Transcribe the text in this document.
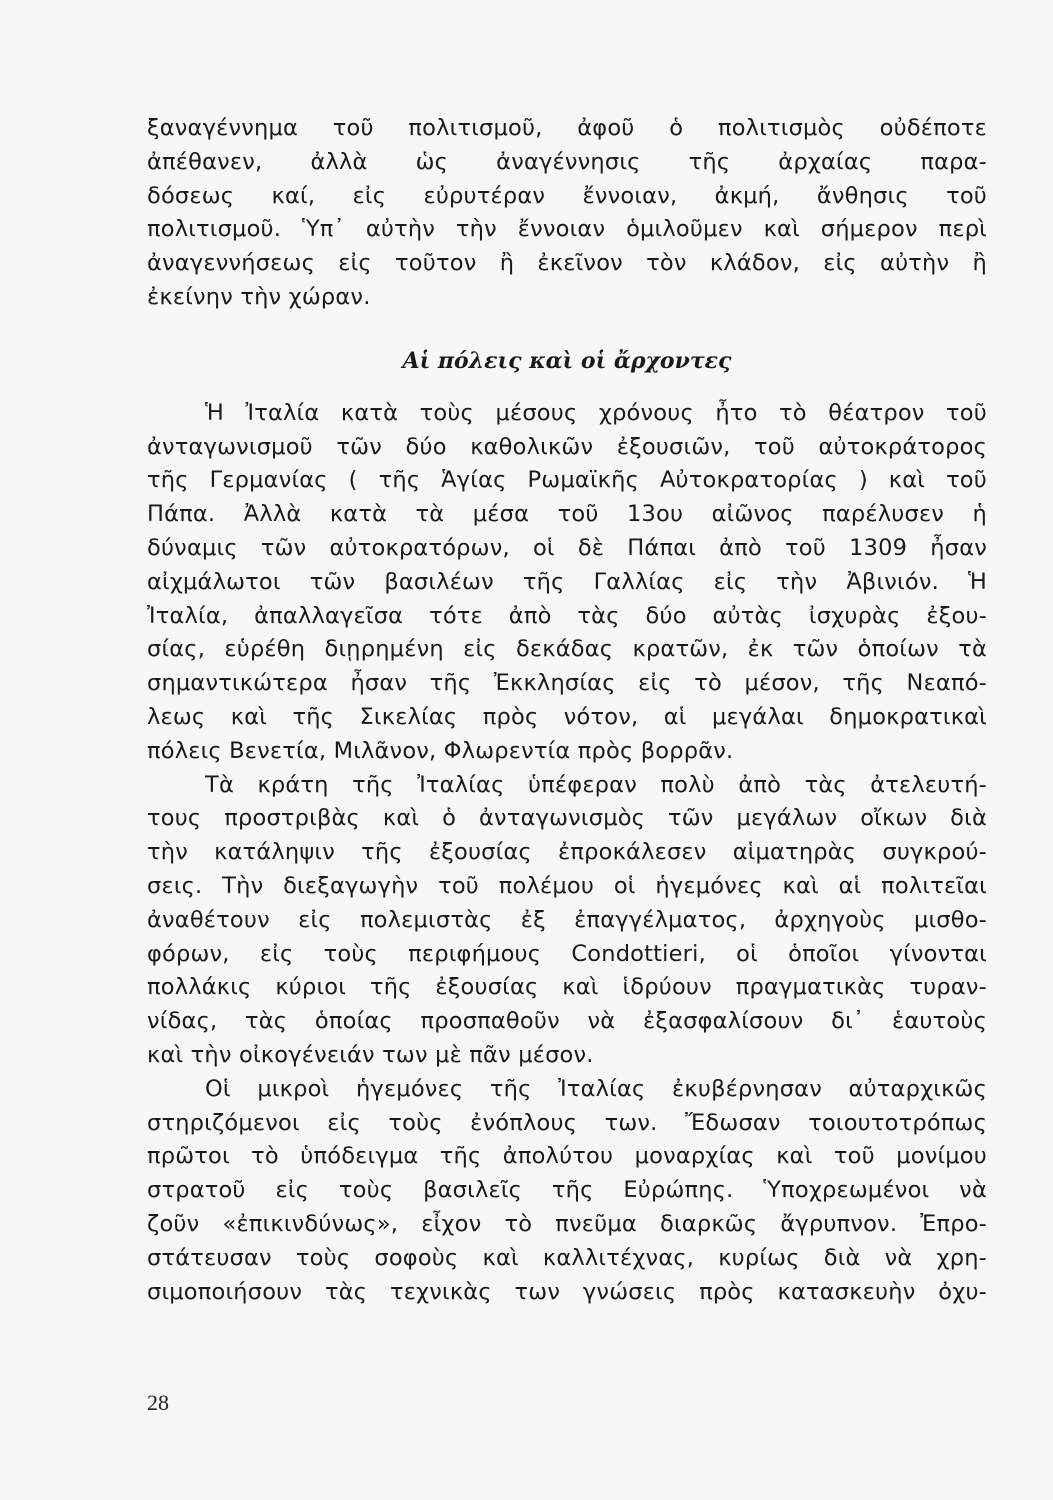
ξαναγέννημα τοῦ πολιτισμοῦ, ἀφοῦ ὁ πολιτισμὸς οὐδέποτε
ἀπέθανεν, ἀλλὰ ὡς ἀναγέννησις τῆς ἀρχαίας παρα-
δόσεως καί, εἰς εὐρυτέραν ἔννοιαν, ἀκμή, ἄνθησις τοῦ
πολιτισμοῦ. Ὑπ᾽ αὐτὴν τὴν ἔννοιαν ὁμιλοῦμεν καὶ σήμερον περὶ
ἀναγεννήσεως εἰς τοῦτον ἢ ἐκεῖνον τὸν κλάδον, εἰς αὐτὴν ἢ
ἐκείνην τὴν χώραν.
Αἱ πόλεις καὶ οἱ ἄρχοντες
Ἡ Ἰταλία κατὰ τοὺς μέσους χρόνους ἦτο τὸ θέατρον τοῦ
ἀνταγωνισμοῦ τῶν δύο καθολικῶν ἐξουσιῶν, τοῦ αὐτοκράτορος
τῆς Γερμανίας ( τῆς Ἁγίας Ρωμαϊκῆς Αὐτοκρατορίας ) καὶ τοῦ
Πάπα. Ἀλλὰ κατὰ τὰ μέσα τοῦ 13ου αἰῶνος παρέλυσεν ἡ
δύναμις τῶν αὐτοκρατόρων, οἱ δὲ Πάπαι ἀπὸ τοῦ 1309 ἦσαν
αἰχμάλωτοι τῶν βασιλέων τῆς Γαλλίας εἰς τὴν Ἀβινιόν. Ἡ
Ἰταλία, ἀπαλλαγεῖσα τότε ἀπὸ τὰς δύο αὐτὰς ἰσχυρὰς ἐξου-
σίας, εὑρέθη διῃρημένη εἰς δεκάδας κρατῶν, ἐκ τῶν ὁποίων τὰ
σημαντικώτερα ἦσαν τῆς Ἐκκλησίας εἰς τὸ μέσον, τῆς Νεαπό-
λεως καὶ τῆς Σικελίας πρὸς νότον, αἱ μεγάλαι δημοκρατικαὶ
πόλεις Βενετία, Μιλᾶνον, Φλωρεντία πρὸς βορρᾶν.
Τὰ κράτη τῆς Ἰταλίας ὑπέφεραν πολὺ ἀπὸ τὰς ἀτελευτή-
τους προστριβὰς καὶ ὁ ἀνταγωνισμὸς τῶν μεγάλων οἴκων διὰ
τὴν κατάληψιν τῆς ἐξουσίας ἐπροκάλεσεν αἱματηρὰς συγκρού-
σεις. Τὴν διεξαγωγὴν τοῦ πολέμου οἱ ἡγεμόνες καὶ αἱ πολιτεῖαι
ἀναθέτουν εἰς πολεμιστὰς ἐξ ἐπαγγέλματος, ἀρχηγοὺς μισθο-
φόρων, εἰς τοὺς περιφήμους Condottieri, οἱ ὁποῖοι γίνονται
πολλάκις κύριοι τῆς ἐξουσίας καὶ ἱδρύουν πραγματικὰς τυραν-
νίδας, τὰς ὁποίας προσπαθοῦν νὰ ἐξασφαλίσουν δι᾽ ἑαυτοὺς
καὶ τὴν οἰκογένειάν των μὲ πᾶν μέσον.
Οἱ μικροὶ ἡγεμόνες τῆς Ἰταλίας ἐκυβέρνησαν αὐταρχικῶς
στηριζόμενοι εἰς τοὺς ἐνόπλους των. Ἔδωσαν τοιουτοτρόπως
πρῶτοι τὸ ὑπόδειγμα τῆς ἀπολύτου μοναρχίας καὶ τοῦ μονίμου
στρατοῦ εἰς τοὺς βασιλεῖς τῆς Εὐρώπης. Ὑποχρεωμένοι νὰ
ζοῦν «ἐπικινδύνως», εἶχον τὸ πνεῦμα διαρκῶς ἄγρυπνον. Ἐπρο-
στάτευσαν τοὺς σοφοὺς καὶ καλλιτέχνας, κυρίως διὰ νὰ χρη-
σιμοποιήσουν τὰς τεχνικὰς των γνώσεις πρὸς κατασκευὴν ὀχυ-
28
